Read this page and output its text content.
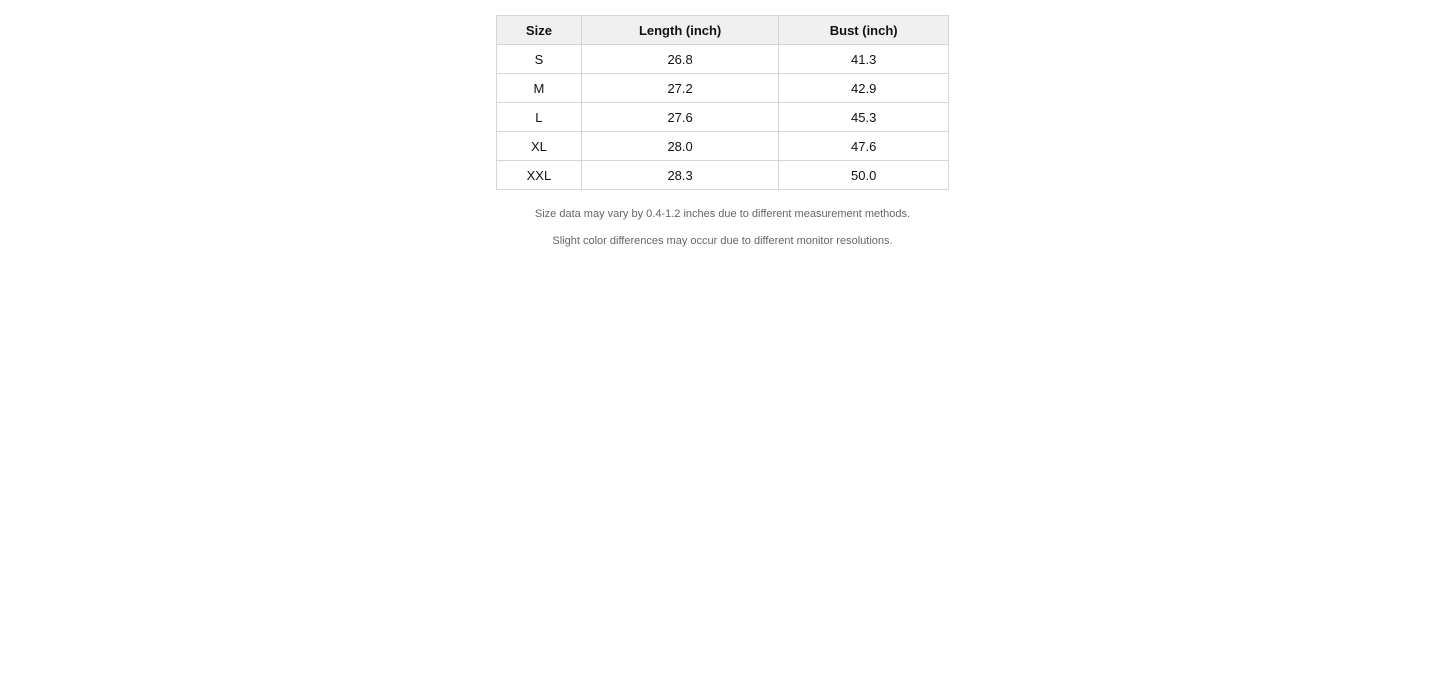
Size	Length (inch)	Bust (inch)
S	26.8	41.3
M	27.2	42.9
L	27.6	45.3
XL	28.0	47.6
XXL	28.3	50.0
Size data may vary by 0.4-1.2 inches due to different measurement methods.
Slight color differences may occur due to different monitor resolutions.
